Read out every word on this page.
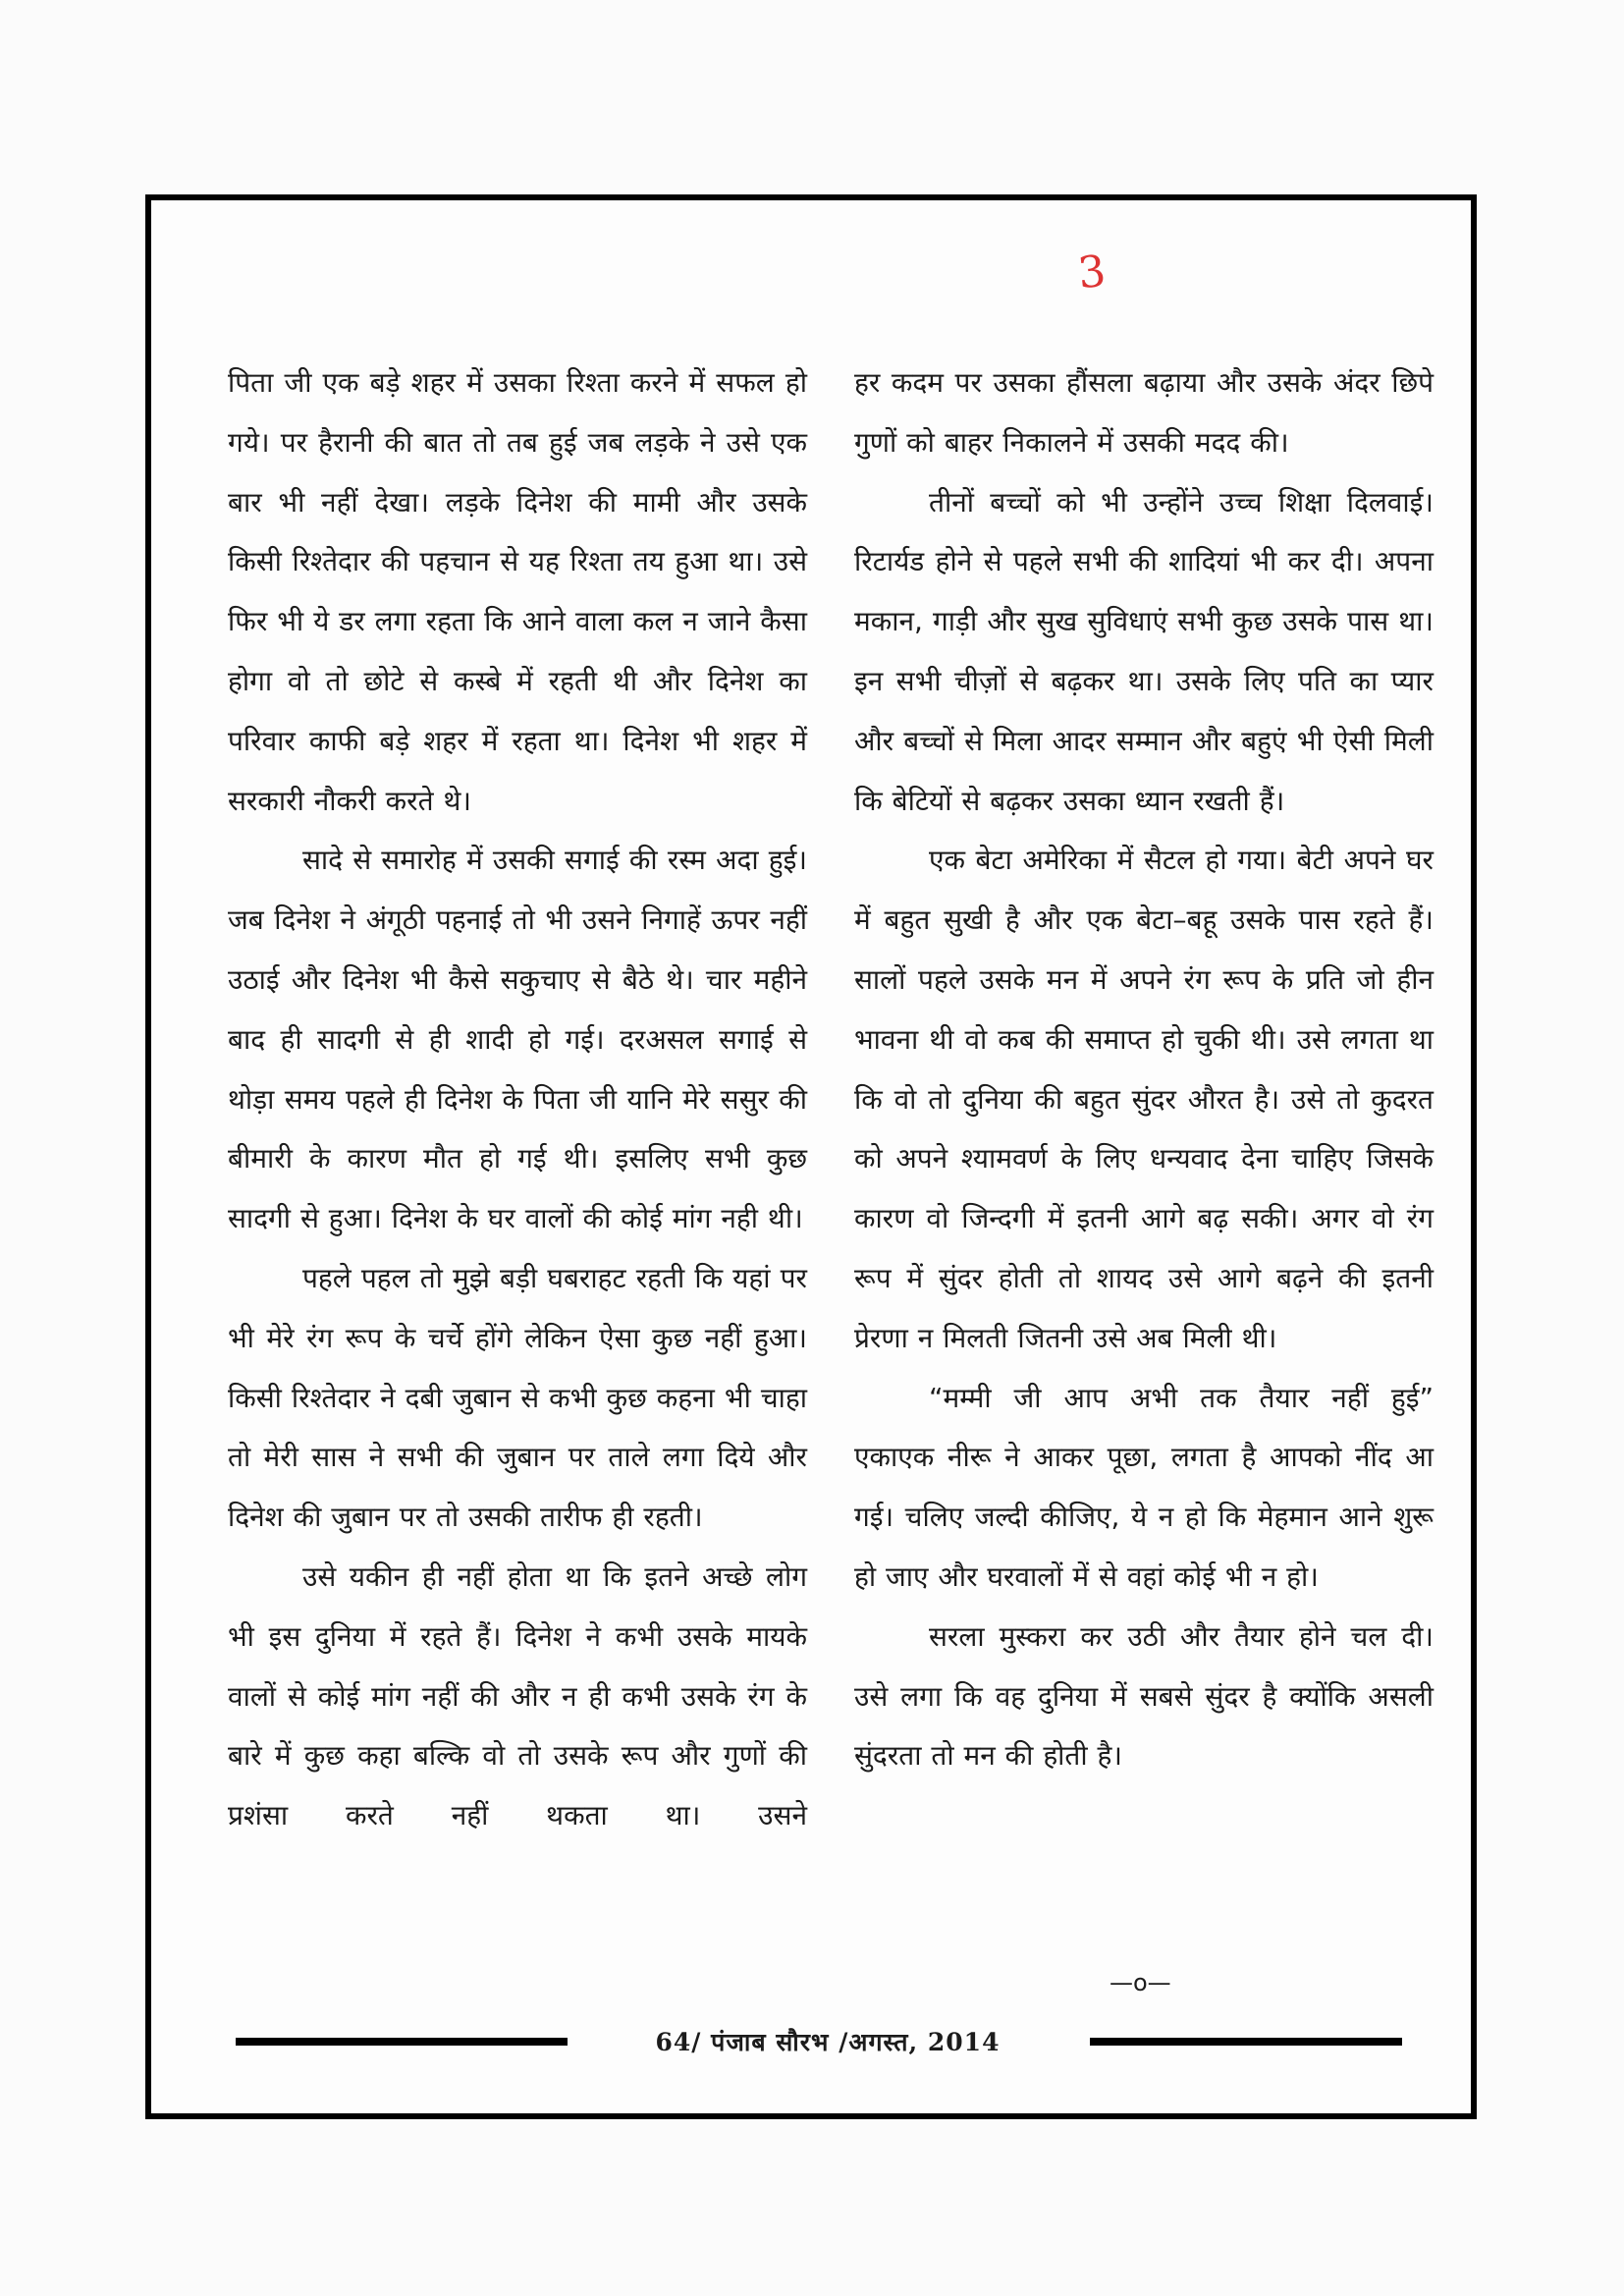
3

पिता जी एक बड़े शहर में उसका रिश्ता करने में सफल हो गये। पर हैरानी की बात तो तब हुई जब लड़के ने उसे एक बार भी नहीं देखा। लड़के दिनेश की मामी और उसके किसी रिश्तेदार की पहचान से यह रिश्ता तय हुआ था। उसे फिर भी ये डर लगा रहता कि आने वाला कल न जाने कैसा होगा वो तो छोटे से कस्बे में रहती थी और दिनेश का परिवार काफी बड़े शहर में रहता था। दिनेश भी शहर में सरकारी नौकरी करते थे।

सादे से समारोह में उसकी सगाई की रस्म अदा हुई। जब दिनेश ने अंगूठी पहनाई तो भी उसने निगाहें ऊपर नहीं उठाई और दिनेश भी कैसे सकुचाए से बैठे थे। चार महीने बाद ही सादगी से ही शादी हो गई। दरअसल सगाई से थोड़ा समय पहले ही दिनेश के पिता जी यानि मेरे ससुर की बीमारी के कारण मौत हो गई थी। इसलिए सभी कुछ सादगी से हुआ। दिनेश के घर वालों की कोई मांग नही थी।

पहले पहल तो मुझे बड़ी घबराहट रहती कि यहां पर भी मेरे रंग रूप के चर्चे होंगे लेकिन ऐसा कुछ नहीं हुआ। किसी रिश्तेदार ने दबी जुबान से कभी कुछ कहना भी चाहा तो मेरी सास ने सभी की जुबान पर ताले लगा दिये और दिनेश की जुबान पर तो उसकी तारीफ ही रहती।

उसे यकीन ही नहीं होता था कि इतने अच्छे लोग भी इस दुनिया में रहते हैं। दिनेश ने कभी उसके मायके वालों से कोई मांग नहीं की और न ही कभी उसके रंग के बारे में कुछ कहा बल्कि वो तो उसके रूप और गुणों की प्रशंसा करते नहीं थकता था। उसने

हर कदम पर उसका हौंसला बढ़ाया और उसके अंदर छिपे गुणों को बाहर निकालने में उसकी मदद की।

तीनों बच्चों को भी उन्होंने उच्च शिक्षा दिलवाई। रिटार्यड होने से पहले सभी की शादियां भी कर दी। अपना मकान, गाड़ी और सुख सुविधाएं सभी कुछ उसके पास था। इन सभी चीज़ों से बढ़कर था। उसके लिए पति का प्यार और बच्चों से मिला आदर सम्मान और बहुएं भी ऐसी मिली कि बेटियों से बढ़कर उसका ध्यान रखती हैं।

एक बेटा अमेरिका में सैटल हो गया। बेटी अपने घर में बहुत सुखी है और एक बेटा–बहू उसके पास रहते हैं। सालों पहले उसके मन में अपने रंग रूप के प्रति जो हीन भावना थी वो कब की समाप्त हो चुकी थी। उसे लगता था कि वो तो दुनिया की बहुत सुंदर औरत है। उसे तो कुदरत को अपने श्यामवर्ण के लिए धन्यवाद देना चाहिए जिसके कारण वो जिन्दगी में इतनी आगे बढ़ सकी। अगर वो रंग रूप में सुंदर होती तो शायद उसे आगे बढ़ने की इतनी प्रेरणा न मिलती जितनी उसे अब मिली थी।

“मम्मी जी आप अभी तक तैयार नहीं हुई” एकाएक नीरू ने आकर पूछा, लगता है आपको नींद आ गई। चलिए जल्दी कीजिए, ये न हो कि मेहमान आने शुरू हो जाए और घरवालों में से वहां कोई भी न हो।

सरला मुस्करा कर उठी और तैयार होने चल दी। उसे लगा कि वह दुनिया में सबसे सुंदर है क्योंकि असली सुंदरता तो मन की होती है।

—o—
64/ पंजाब सौरभ /अगस्त, 2014
